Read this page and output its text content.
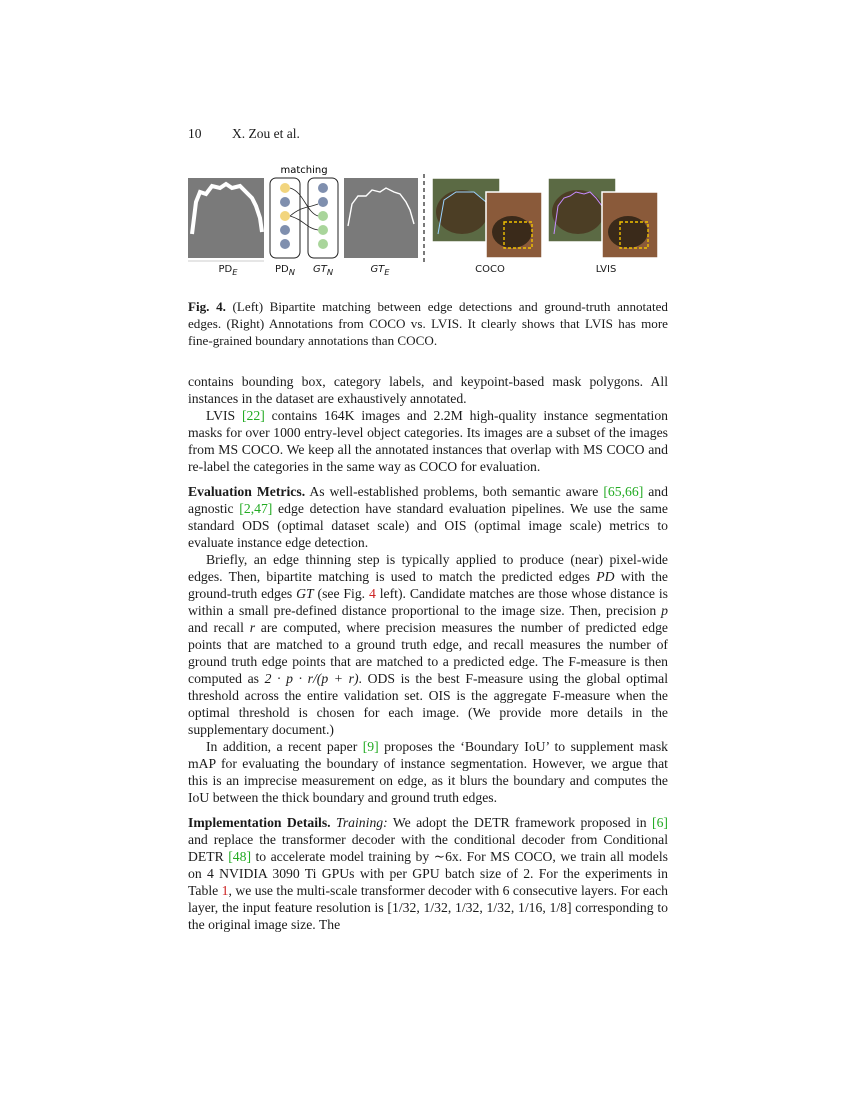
10 X. Zou et al.
matching
$PD_E$	$PD_N$	$GT_N$	$GT_E$	COCO	LVIS
Fig. 4. (Left) Bipartite matching between edge detections and ground-truth annotated edges. (Right) Annotations from COCO vs. LVIS. It clearly shows that LVIS has more fine-grained boundary annotations than COCO.

contains bounding box, category labels, and keypoint-based mask polygons. All instances in the dataset are exhaustively annotated.

LVIS [22] contains 164K images and 2.2M high-quality instance segmentation masks for over 1000 entry-level object categories. Its images are a subset of the images from MS COCO. We keep all the annotated instances that overlap with MS COCO and re-label the categories in the same way as COCO for evaluation.

Evaluation Metrics. As well-established problems, both semantic aware [65,66] and agnostic [2,47] edge detection have standard evaluation pipelines. We use the same standard ODS (optimal dataset scale) and OIS (optimal image scale) metrics to evaluate instance edge detection.

Briefly, an edge thinning step is typically applied to produce (near) pixel-wide edges. Then, bipartite matching is used to match the predicted edges PD with the ground-truth edges GT (see Fig. 4 left). Candidate matches are those whose distance is within a small pre-defined distance proportional to the image size. Then, precision p and recall r are computed, where precision measures the number of predicted edge points that are matched to a ground truth edge, and recall measures the number of ground truth edge points that are matched to a predicted edge. The F-measure is then computed as 2 · p · r/(p + r). ODS is the best F-measure using the global optimal threshold across the entire validation set. OIS is the aggregate F-measure when the optimal threshold is chosen for each image. (We provide more details in the supplementary document.)

In addition, a recent paper [9] proposes the ‘Boundary IoU’ to supplement mask mAP for evaluating the boundary of instance segmentation. However, we argue that this is an imprecise measurement on edge, as it blurs the boundary and computes the IoU between the thick boundary and ground truth edges.

Implementation Details. Training: We adopt the DETR framework proposed in [6] and replace the transformer decoder with the conditional decoder from Conditional DETR [48] to accelerate model training by ∼6x. For MS COCO, we train all models on 4 NVIDIA 3090 Ti GPUs with per GPU batch size of 2. For the experiments in Table 1, we use the multi-scale transformer decoder with 6 consecutive layers. For each layer, the input feature resolution is [1/32, 1/32, 1/32, 1/32, 1/16, 1/8] corresponding to the original image size. The
